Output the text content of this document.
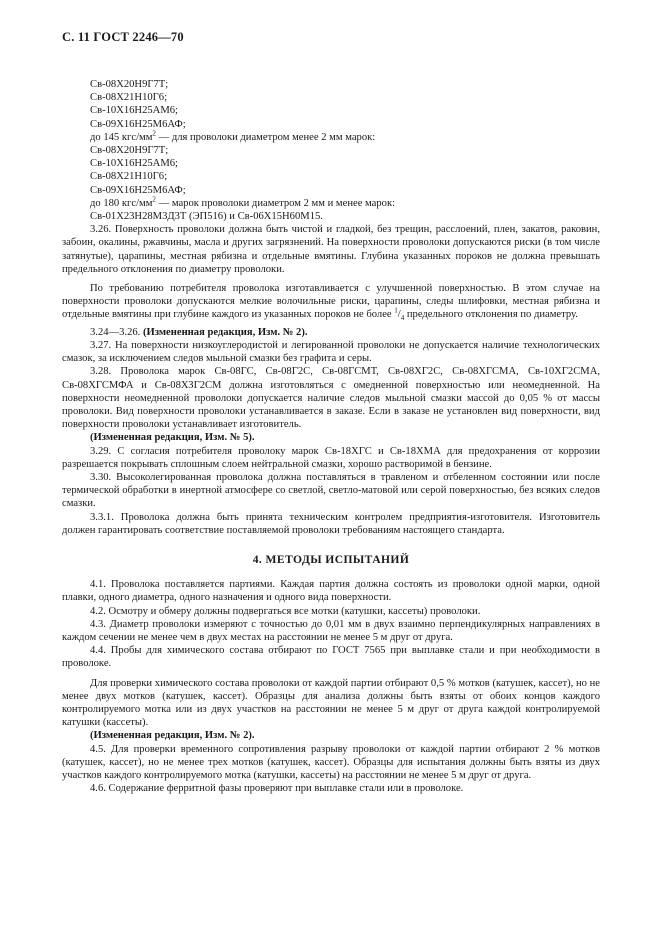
С. 11 ГОСТ 2246—70
Св-08Х20Н9Г7Т;
Св-08Х21Н10Г6;
Св-10Х16Н25АМ6;
Св-09Х16Н25М6АФ;
до 145 кгс/$мм^2$ — для проволоки диаметром менее 2 мм марок:
Св-08Х20Н9Г7Т;
Св-10Х16Н25АМ6;
Св-08Х21Н10Г6;
Св-09Х16Н25М6АФ;
до 180 кгс/$мм^2$ — марок проволоки диаметром 2 мм и менее марок:
Св-01Х23Н28М3Д3Т (ЭП516) и Св-06Х15Н60М15.

3.26. Поверхность проволоки должна быть чистой и гладкой, без трещин, расслоений, плен, закатов, раковин, забоин, окалины, ржавчины, масла и других загрязнений. На поверхности проволоки допускаются риски (в том числе затянутые), царапины, местная рябизна и отдельные вмятины. Глубина указанных пороков не должна превышать предельного отклонения по диаметру проволоки.

По требованию потребителя проволока изготавливается с улучшенной поверхностью. В этом случае на поверхности проволоки допускаются мелкие волочильные риски, царапины, следы шлифовки, местная рябизна и отдельные вмятины при глубине каждого из указанных пороков не более $^1/_4$ предельного отклонения по диаметру.

3.24—3.26. (Измененная редакция, Изм. № 2).

3.27. На поверхности низкоуглеродистой и легированной проволоки не допускается наличие технологических смазок, за исключением следов мыльной смазки без графита и серы.

3.28. Проволока марок Св-08ГС, Св-08Г2С, Св-08ГСМТ, Св-08ХГ2С, Св-08ХГСМА, Св-10ХГ2СМА, Св-08ХГСМФА и Св-08ХЗГ2СМ должна изготовляться с омедненной поверхностью или неомедненной. На поверхности неомедненной проволоки допускается наличие следов мыльной смазки массой до 0,05 % от массы проволоки. Вид поверхности проволоки устанавливается в заказе. Если в заказе не установлен вид поверхности, вид поверхности проволоки устанавливает изготовитель.

(Измененная редакция, Изм. № 5).

3.29. С согласия потребителя проволоку марок Св-18ХГС и Св-18ХМА для предохранения от коррозии разрешается покрывать сплошным слоем нейтральной смазки, хорошо растворимой в бензине.

3.30. Высоколегированная проволока должна поставляться в травленом и отбеленном состоянии или после термической обработки в инертной атмосфере со светлой, светло-матовой или серой поверхностью, без всяких следов смазки.

3.3.1. Проволока должна быть принята техническим контролем предприятия-изготовителя. Изготовитель должен гарантировать соответствие поставляемой проволоки требованиям настоящего стандарта.

4. МЕТОДЫ ИСПЫТАНИЙ

4.1. Проволока поставляется партиями. Каждая партия должна состоять из проволоки одной марки, одной плавки, одного диаметра, одного назначения и одного вида поверхности.

4.2. Осмотру и обмеру должны подвергаться все мотки (катушки, кассеты) проволоки.

4.3. Диаметр проволоки измеряют с точностью до 0,01 мм в двух взаимно перпендикулярных направлениях в каждом сечении не менее чем в двух местах на расстоянии не менее 5 м друг от друга.

4.4. Пробы для химического состава отбирают по ГОСТ 7565 при выплавке стали и при необходимости в проволоке.

Для проверки химического состава проволоки от каждой партии отбирают 0,5 % мотков (катушек, кассет), но не менее двух мотков (катушек, кассет). Образцы для анализа должны быть взяты от обоих концов каждого контролируемого мотка или из двух участков на расстоянии не менее 5 м друг от друга каждой контролируемой катушки (кассеты).

(Измененная редакция, Изм. № 2).

4.5. Для проверки временного сопротивления разрыву проволоки от каждой партии отбирают 2 % мотков (катушек, кассет), но не менее трех мотков (катушек, кассет). Образцы для испытания должны быть взяты из двух участков каждого контролируемого мотка (катушки, кассеты) на расстоянии не менее 5 м друг от друга.

4.6. Содержание ферритной фазы проверяют при выплавке стали или в проволоке.
